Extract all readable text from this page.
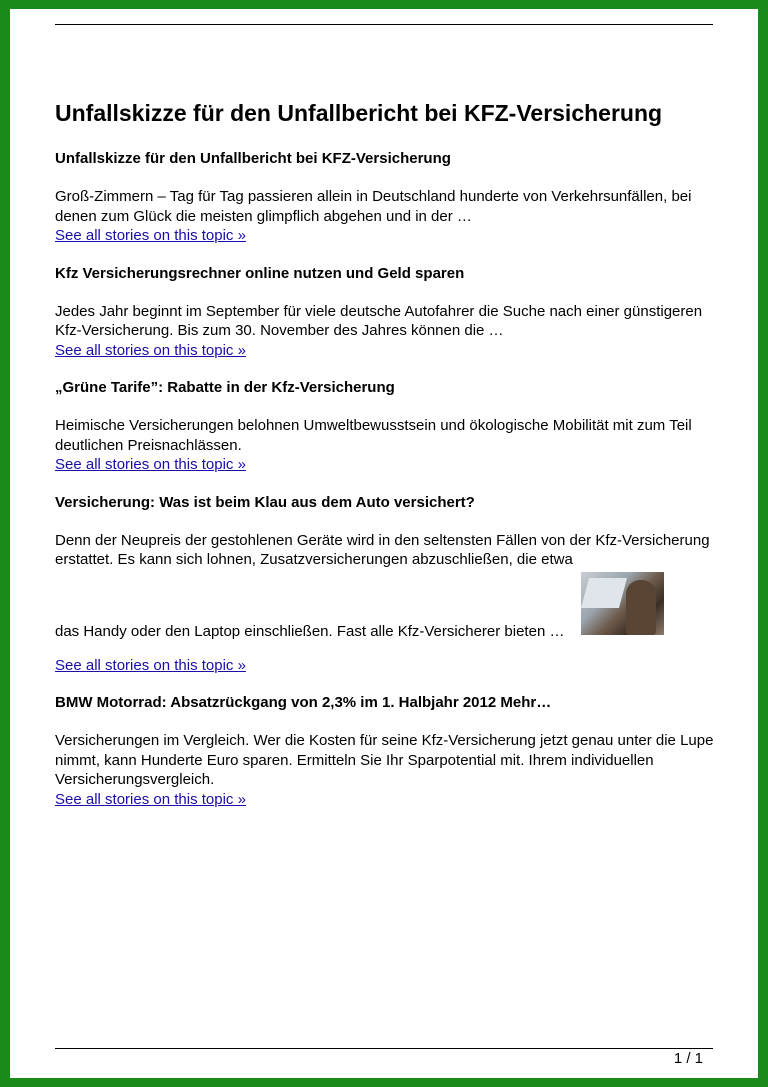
Unfallskizze für den Unfallbericht bei KFZ-Versicherung

Unfallskizze für den Unfallbericht bei KFZ-Versicherung

Groß-Zimmern – Tag für Tag passieren allein in Deutschland hunderte von Verkehrsunfällen, bei denen zum Glück die meisten glimpflich abgehen und in der …

See all stories on this topic »

Kfz Versicherungsrechner online nutzen und Geld sparen

Jedes Jahr beginnt im September für viele deutsche Autofahrer die Suche nach einer günstigeren Kfz-Versicherung. Bis zum 30. November des Jahres können die …

See all stories on this topic »

„Grüne Tarife”: Rabatte in der Kfz-Versicherung

Heimische Versicherungen belohnen Umweltbewusstsein und ökologische Mobilität mit zum Teil deutlichen Preisnachlässen.

See all stories on this topic »

Versicherung: Was ist beim Klau aus dem Auto versichert?

Denn der Neupreis der gestohlenen Geräte wird in den seltensten Fällen von der Kfz-Versicherung erstattet. Es kann sich lohnen, Zusatzversicherungen abzuschließen, die etwa

das Handy oder den Laptop einschließen. Fast alle Kfz-Versicherer bieten …
See all stories on this topic »

BMW Motorrad: Absatzrückgang von 2,3% im 1. Halbjahr 2012 Mehr…

Versicherungen im Vergleich. Wer die Kosten für seine Kfz-Versicherung jetzt genau unter die Lupe nimmt, kann Hunderte Euro sparen. Ermitteln Sie Ihr Sparpotential mit. Ihrem individuellen Versicherungsvergleich.

See all stories on this topic »
1 / 1
